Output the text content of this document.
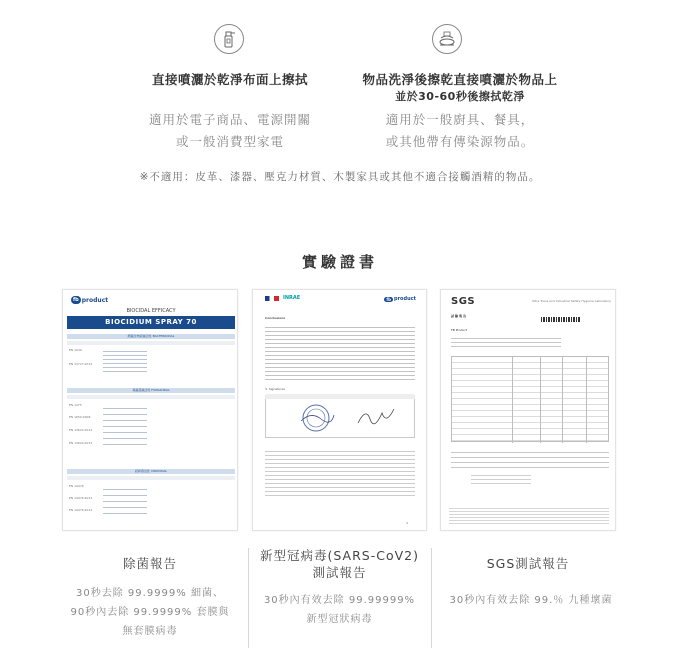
直接噴灑於乾淨布面上擦拭	物品洗淨後擦乾直接噴灑於物品上
並於30-60秒後擦拭乾淨
適用於電子商品、電源開關
或一般消費型家電
適用於一般廚具、餐具，
或其他帶有傳染源物品。
※不適用：皮革、漆器、壓克力材質、木製家具或其他不適合接觸酒精的物品。
實驗證書
fb product
BIOCIDAL EFFICACY
BIOCIDIUM SPRAY 70
細菌生物殺滅活性 BACTERICIDAL
EN 1040
EN 13727:2012
真菌殺滅活性 FUNGICIDAL
EN 1275
EN 1650:2008
EN 13624:2013
EN 13624:2013
殺病毒活性 VIRUCIDAL
EN 14476
EN 14476:2013
EN 14476:2013
INRAE	fb product
Conclusions
3. Signatures
4
SGS	Ultra Trace and Industrial Safety Hygiene Laboratory
試 驗 報 告
FB Product
除菌報告
新型冠病毒(SARS-CoV2)
測試報告
SGS測試報告
30秒去除 99.9999% 細菌、
90秒內去除 99.9999% 套膜與
無套膜病毒
30秒內有效去除 99.99999%
新型冠狀病毒
30秒內有效去除 99.％ 九種壞菌
